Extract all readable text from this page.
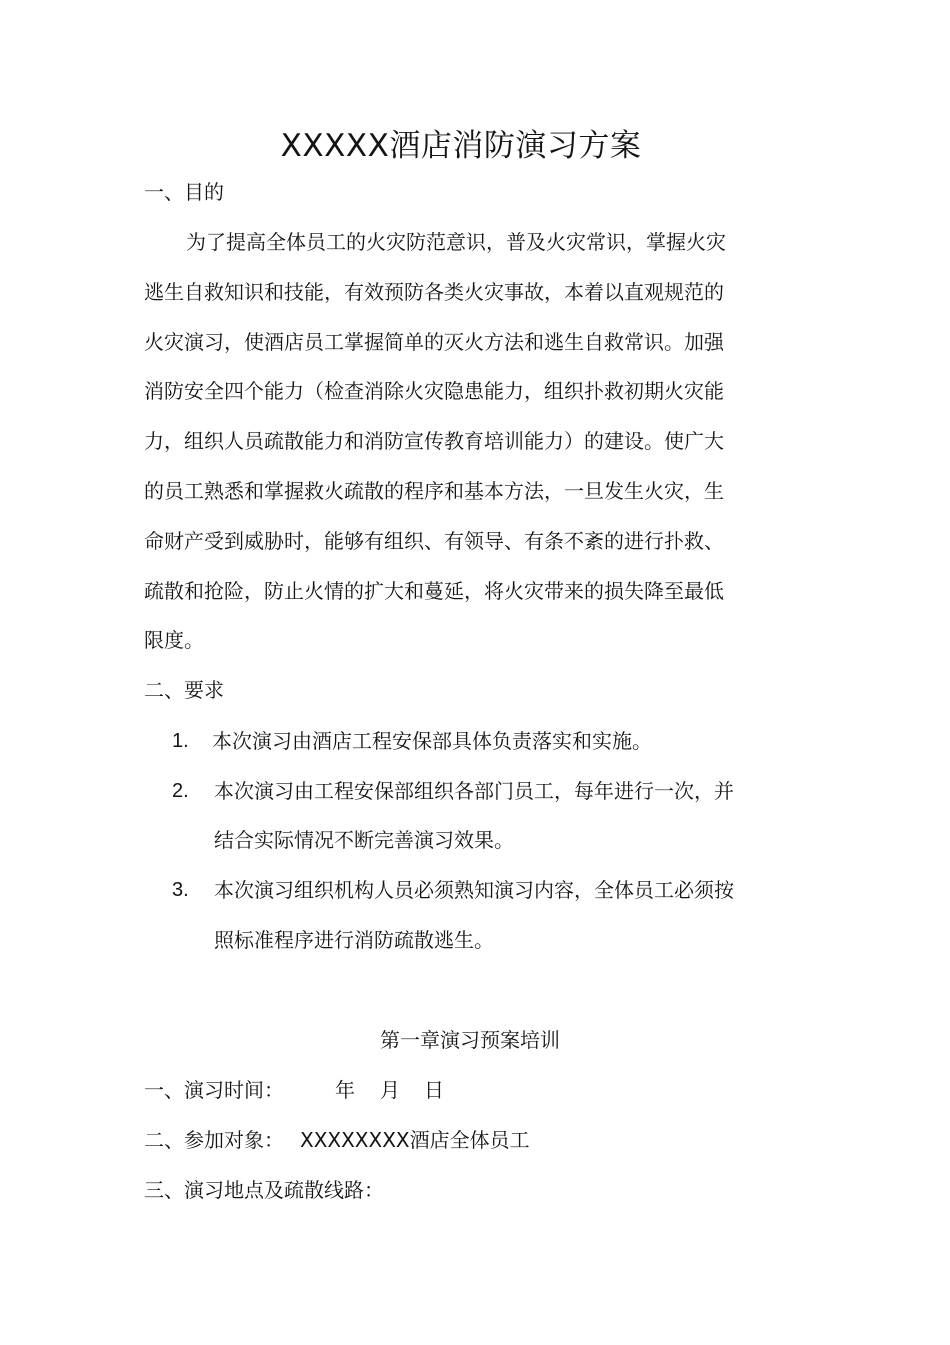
XXXXX酒店消防演习方案
一、目的
为了提高全体员工的火灾防范意识，普及火灾常识，掌握火灾
逃生自救知识和技能，有效预防各类火灾事故，本着以直观规范的
火灾演习，使酒店员工掌握简单的灭火方法和逃生自救常识。加强
消防安全四个能力（检查消除火灾隐患能力，组织扑救初期火灾能
力，组织人员疏散能力和消防宣传教育培训能力）的建设。使广大
的员工熟悉和掌握救火疏散的程序和基本方法，一旦发生火灾，生
命财产受到威胁时，能够有组织、有领导、有条不紊的进行扑救、
疏散和抢险，防止火情的扩大和蔓延，将火灾带来的损失降至最低
限度。
二、要求
1. 本次演习由酒店工程安保部具体负责落实和实施。
2. 本次演习由工程安保部组织各部门员工，每年进行一次，并
结合实际情况不断完善演习效果。
3. 本次演习组织机构人员必须熟知演习内容，全体员工必须按
照标准程序进行消防疏散逃生。
第一章演习预案培训
一、演习时间：	年 月 日
二、参加对象： XXXXXXXX酒店全体员工
三、演习地点及疏散线路：
